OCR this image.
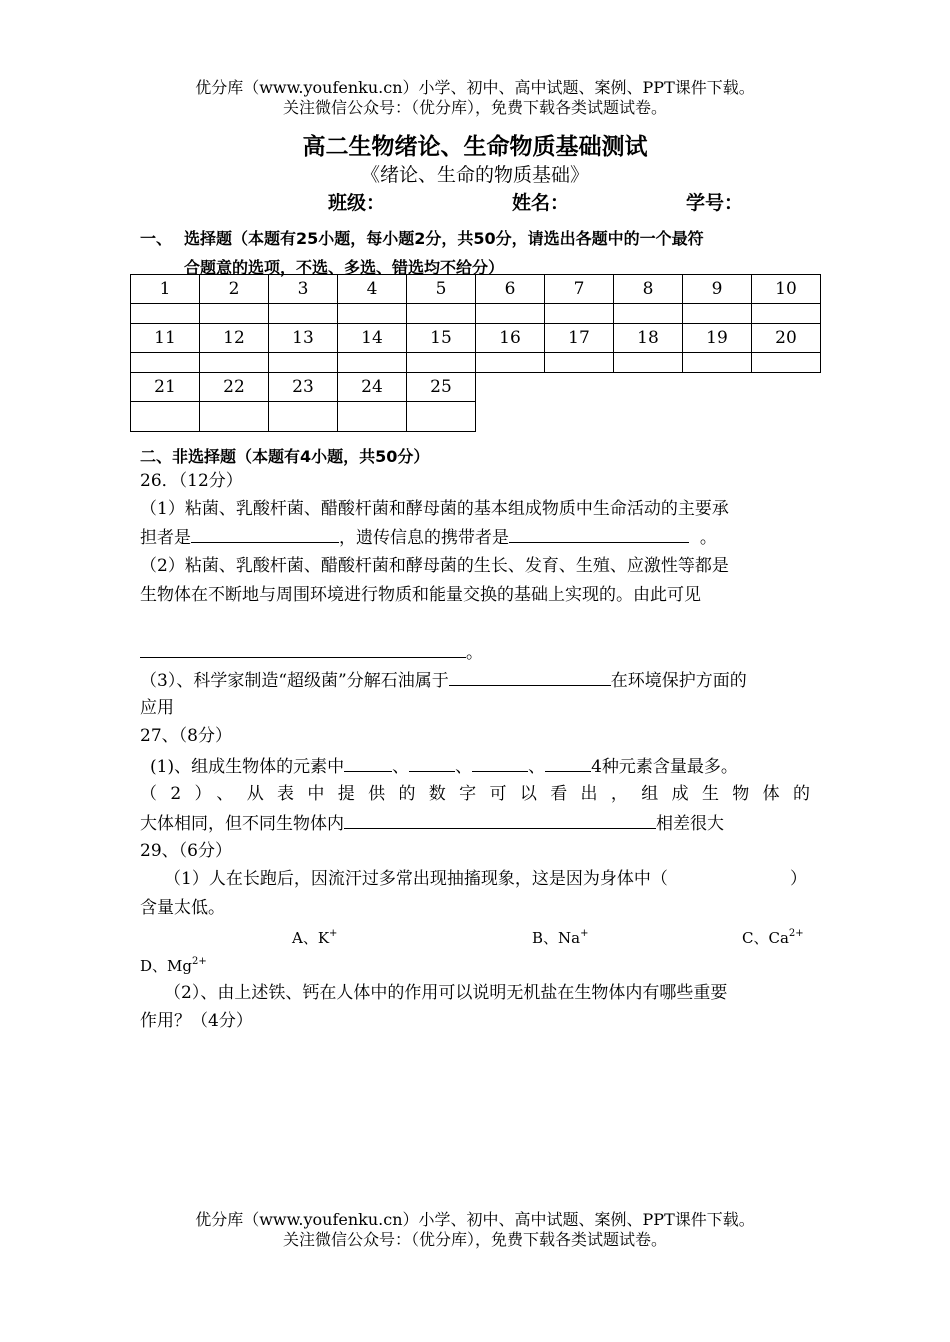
优分库（www.youfenku.cn）小学、初中、高中试题、案例、PPT课件下载。
关注微信公众号：（优分库），免费下载各类试题试卷。
高二生物绪论、生命物质基础测试
《绪论、生命的物质基础》
班级：	姓名：	学号：
一、 选择题（本题有25小题，每小题2分，共50分，请选出各题中的一个最符
合题意的选项，不选、多选、错选均不给分）
1	2	3	4	5	6	7	8	9	10

11	12	13	14	15	16	17	18	19	20

21	22	23	24	25					

二、非选择题（本题有4小题，共50分）
26．（12分）
（1）粘菌、乳酸杆菌、醋酸杆菌和酵母菌的基本组成物质中生命活动的主要承
担者是	，遗传信息的携带者是	。
（2）粘菌、乳酸杆菌、醋酸杆菌和酵母菌的生长、发育、生殖、应激性等都是
生物体在不断地与周围环境进行物质和能量交换的基础上实现的。由此可见
。
（3）、科学家制造“超级菌”分解石油属于	在环境保护方面的
应用
27、（8分）
(1)、组成生物体的元素中	、	、	、	4种元素含量最多。
（2）、从表中提供的数字可以看出，组成生物体的
大体相同，但不同生物体内	相差很大
29、（6分）
（1）人在长跑后，因流汗过多常出现抽搐现象，这是因为身体中（	）
含量太低。
A、K+	B、Na+	C、$Ca^{2+}$
D、$Mg^{2+}$
（2）、由上述铁、钙在人体中的作用可以说明无机盐在生物体内有哪些重要
作用？（4分）
优分库（www.youfenku.cn）小学、初中、高中试题、案例、PPT课件下载。
关注微信公众号：（优分库），免费下载各类试题试卷。
